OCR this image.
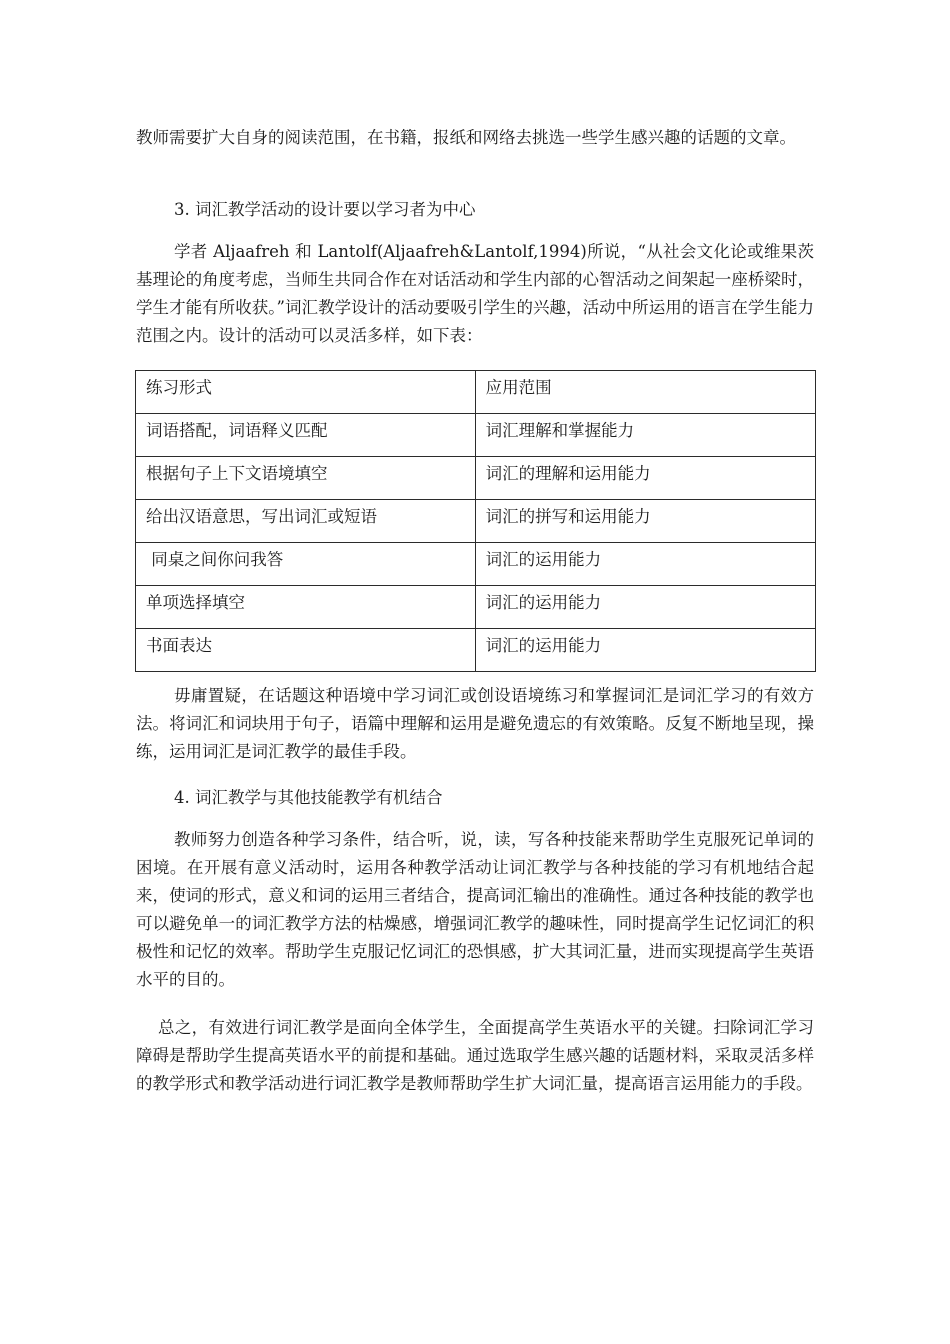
教师需要扩大自身的阅读范围，在书籍，报纸和网络去挑选一些学生感兴趣的话题的文章。

3. 词汇教学活动的设计要以学习者为中心

学者 Aljaafreh 和 Lantolf(Aljaafreh&Lantolf,1994)所说，“从社会文化论或维果茨基理论的角度考虑，当师生共同合作在对话活动和学生内部的心智活动之间架起一座桥梁时，学生才能有所收获。”词汇教学设计的活动要吸引学生的兴趣，活动中所运用的语言在学生能力范围之内。设计的活动可以灵活多样，如下表：

练习形式	应用范围
词语搭配，词语释义匹配	词汇理解和掌握能力
根据句子上下文语境填空	词汇的理解和运用能力
给出汉语意思，写出词汇或短语	词汇的拼写和运用能力
同桌之间你问我答	词汇的运用能力
单项选择填空	词汇的运用能力
书面表达	词汇的运用能力

毋庸置疑，在话题这种语境中学习词汇或创设语境练习和掌握词汇是词汇学习的有效方法。将词汇和词块用于句子，语篇中理解和运用是避免遗忘的有效策略。反复不断地呈现，操练，运用词汇是词汇教学的最佳手段。

4. 词汇教学与其他技能教学有机结合

教师努力创造各种学习条件，结合听，说，读，写各种技能来帮助学生克服死记单词的困境。在开展有意义活动时，运用各种教学活动让词汇教学与各种技能的学习有机地结合起来，使词的形式，意义和词的运用三者结合，提高词汇输出的准确性。通过各种技能的教学也可以避免单一的词汇教学方法的枯燥感，增强词汇教学的趣味性，同时提高学生记忆词汇的积极性和记忆的效率。帮助学生克服记忆词汇的恐惧感，扩大其词汇量，进而实现提高学生英语水平的目的。

总之，有效进行词汇教学是面向全体学生，全面提高学生英语水平的关键。扫除词汇学习障碍是帮助学生提高英语水平的前提和基础。通过选取学生感兴趣的话题材料，采取灵活多样的教学形式和教学活动进行词汇教学是教师帮助学生扩大词汇量，提高语言运用能力的手段。
